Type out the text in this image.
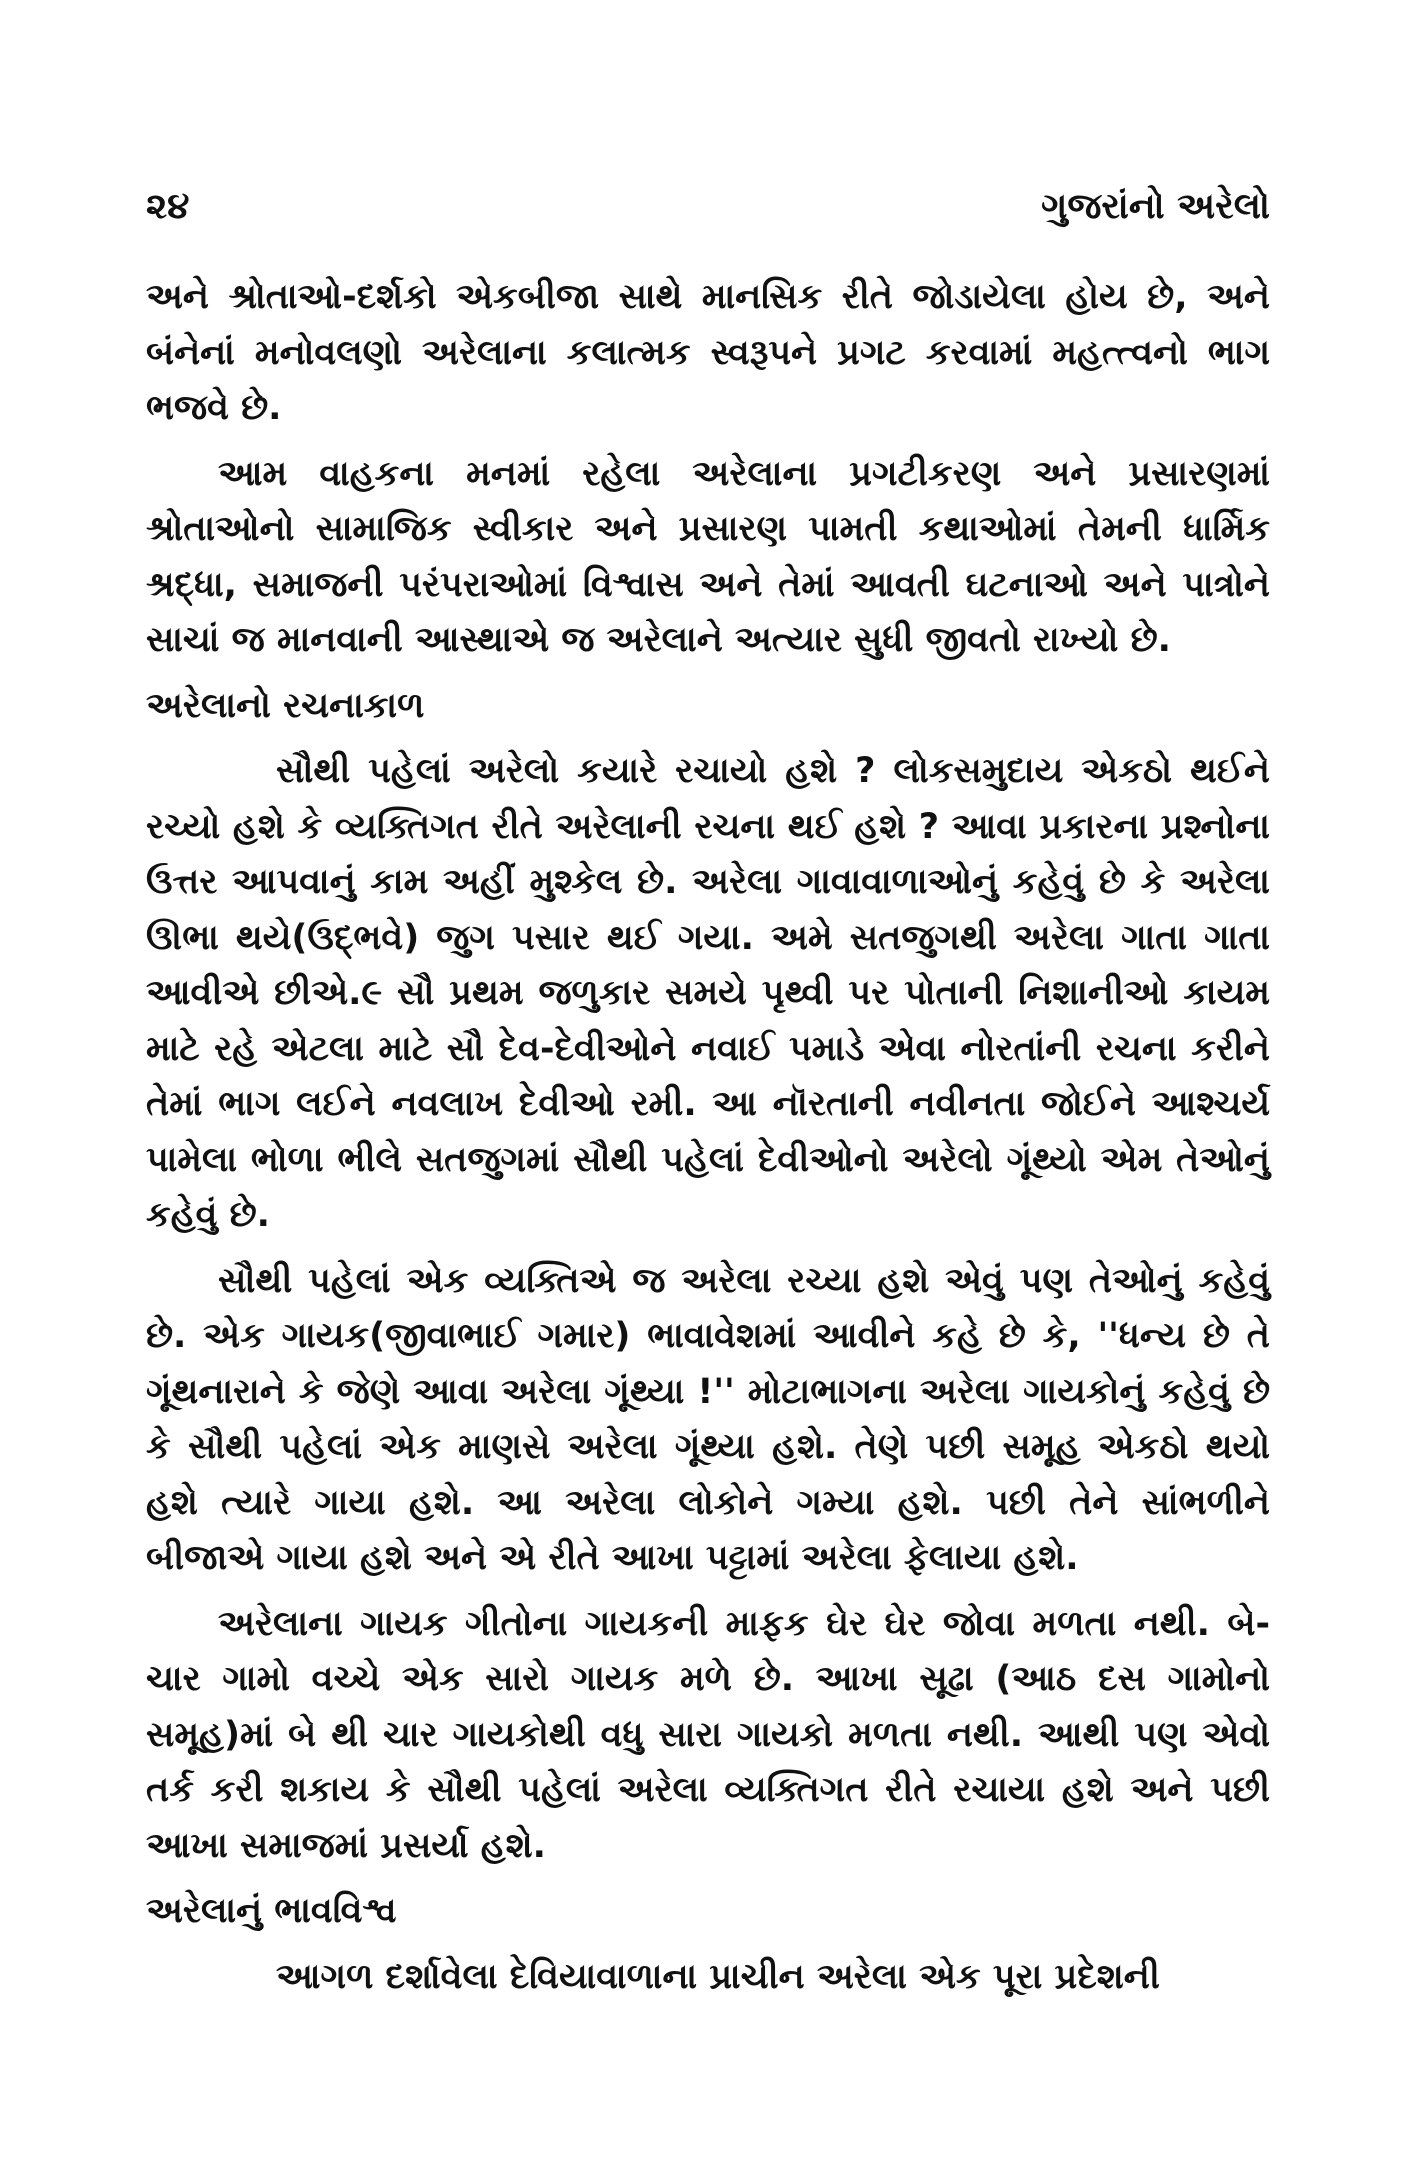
૨૪	ગુજરાંનો અરેલો

અને શ્રોતાઓ-દર્શકો એકબીજા સાથે માનસિક રીતે જોડાયેલા હોય છે, અને બંનેનાં મનોવલણો અરેલાના કલાત્મક સ્વરૂપને પ્રગટ કરવામાં મહત્ત્વનો ભાગ ભજવે છે.

આમ વાહકના મનમાં રહેલા અરેલાના પ્રગટીકરણ અને પ્રસારણમાં શ્રોતાઓનો સામાજિક સ્વીકાર અને પ્રસારણ પામતી કથાઓમાં તેમની ધાર્મિક શ્રદ્ધા, સમાજની પરંપરાઓમાં વિશ્વાસ અને તેમાં આવતી ઘટનાઓ અને પાત્રોને સાચાં જ માનવાની આસ્થાએ જ અરેલાને અત્યાર સુધી જીવતો રાખ્યો છે.

અરેલાનો રચનાકાળ

સૌથી પહેલાં અરેલો કયારે રચાયો હશે ? લોકસમુદાય એકઠો થઈને રચ્યો હશે કે વ્યક્તિગત રીતે અરેલાની રચના થઈ હશે ? આવા પ્રકારના પ્રશ્નોના ઉત્તર આપવાનું કામ અહીં મુશ્કેલ છે. અરેલા ગાવાવાળાઓનું કહેવું છે કે અરેલા ઊભા થયે(ઉદ્‌ભવે) જુગ પસાર થઈ ગયા. અમે સતજુગથી અરેલા ગાતા ગાતા આવીએ છીએ.૯ સૌ પ્રથમ જળુકાર સમયે પૃથ્વી પર પોતાની નિશાનીઓ કાયમ માટે રહે એટલા માટે સૌ દેવ-દેવીઓને નવાઈ પમાડે એવા નોરતાંની રચના કરીને તેમાં ભાગ લઈને નવલાખ દેવીઓ રમી. આ નૉરતાની નવીનતા જોઈને આશ્ચર્ય પામેલા ભોળા ભીલે સતજુગમાં સૌથી પહેલાં દેવીઓનો અરેલો ગૂંથ્યો એમ તેઓનું કહેવું છે.

સૌથી પહેલાં એક વ્યક્તિએ જ અરેલા રચ્યા હશે એવું પણ તેઓનું કહેવું છે. એક ગાયક(જીવાભાઈ ગમાર) ભાવાવેશમાં આવીને કહે છે કે, ''ધન્ય છે તે ગૂંથનારાને કે જેણે આવા અરેલા ગૂંથ્યા !'' મોટાભાગના અરેલા ગાયકોનું કહેવું છે કે સૌથી પહેલાં એક માણસે અરેલા ગૂંથ્યા હશે. તેણે પછી સમૂહ એકઠો થયો હશે ત્યારે ગાયા હશે. આ અરેલા લોકોને ગમ્યા હશે. પછી તેને સાંભળીને બીજાએ ગાયા હશે અને એ રીતે આખા પટ્ટામાં અરેલા ફેલાયા હશે.

અરેલાના ગાયક ગીતોના ગાયકની માફક ઘેર ઘેર જોવા મળતા નથી. બે-ચાર ગામો વચ્ચે એક સારો ગાયક મળે છે. આખા સૂઢા (આઠ દસ ગામોનો સમૂહ)માં બે થી ચાર ગાયકોથી વધુ સારા ગાયકો મળતા નથી. આથી પણ એવો તર્ક કરી શકાય કે સૌથી પહેલાં અરેલા વ્યક્તિગત રીતે રચાયા હશે અને પછી આખા સમાજમાં પ્રસર્યા હશે.

અરેલાનું ભાવવિશ્વ

આગળ દર્શાવેલા દેવિયાવાળાના પ્રાચીન અરેલા એક પૂરા પ્રદેશની
